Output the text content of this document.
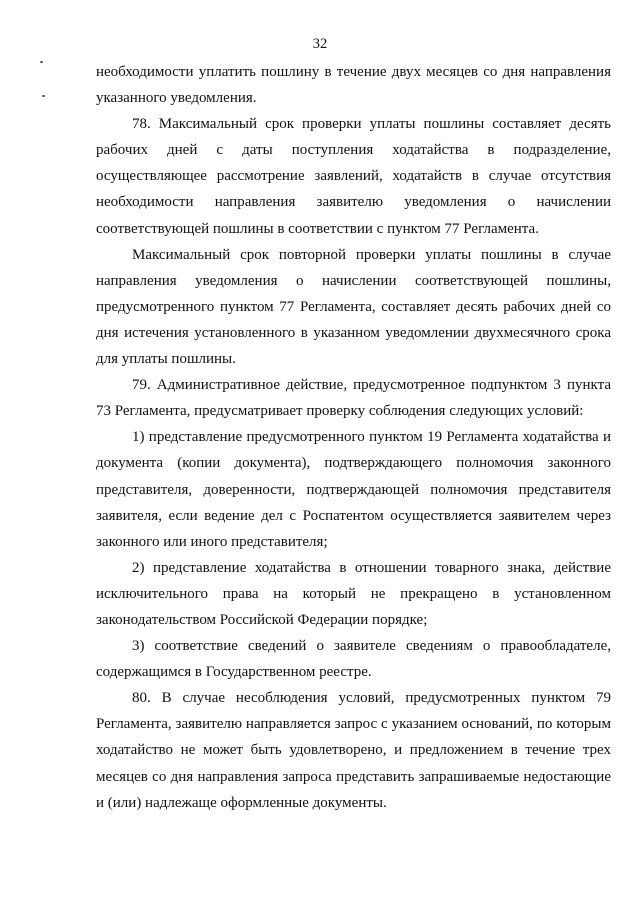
32

необходимости уплатить пошлину в течение двух месяцев со дня направления указанного уведомления.

78. Максимальный срок проверки уплаты пошлины составляет десять рабочих дней с даты поступления ходатайства в подразделение, осуществляющее рассмотрение заявлений, ходатайств в случае отсутствия необходимости направления заявителю уведомления о начислении соответствующей пошлины в соответствии с пунктом 77 Регламента.

Максимальный срок повторной проверки уплаты пошлины в случае направления уведомления о начислении соответствующей пошлины, предусмотренного пунктом 77 Регламента, составляет десять рабочих дней со дня истечения установленного в указанном уведомлении двухмесячного срока для уплаты пошлины.

79. Административное действие, предусмотренное подпунктом 3 пункта 73 Регламента, предусматривает проверку соблюдения следующих условий:

1) представление предусмотренного пунктом 19 Регламента ходатайства и документа (копии документа), подтверждающего полномочия законного представителя, доверенности, подтверждающей полномочия представителя заявителя, если ведение дел с Роспатентом осуществляется заявителем через законного или иного представителя;

2) представление ходатайства в отношении товарного знака, действие исключительного права на который не прекращено в установленном законодательством Российской Федерации порядке;

3) соответствие сведений о заявителе сведениям о правообладателе, содержащимся в Государственном реестре.

80. В случае несоблюдения условий, предусмотренных пунктом 79 Регламента, заявителю направляется запрос с указанием оснований, по которым ходатайство не может быть удовлетворено, и предложением в течение трех месяцев со дня направления запроса представить запрашиваемые недостающие и (или) надлежаще оформленные документы.
